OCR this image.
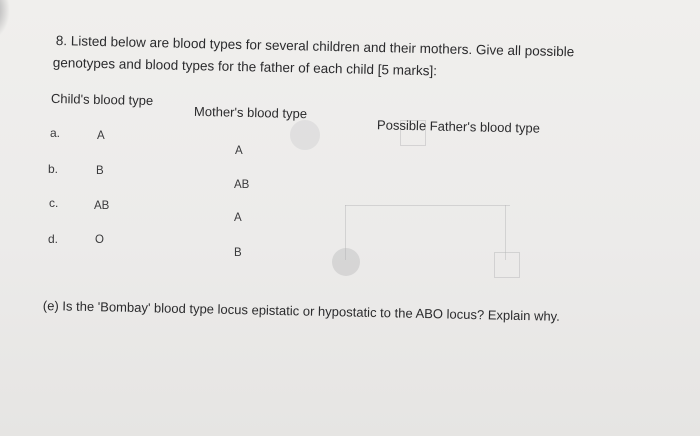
8. Listed below are blood types for several children and their mothers. Give all possible
genotypes and blood types for the father of each child [5 marks]:
Child's blood type
Mother's blood type
Possible Father's blood type
a.
b.
c.
d.
A
B
AB
O
A
AB
A
B
(e) Is the 'Bombay' blood type locus epistatic or hypostatic to the ABO locus? Explain why.
